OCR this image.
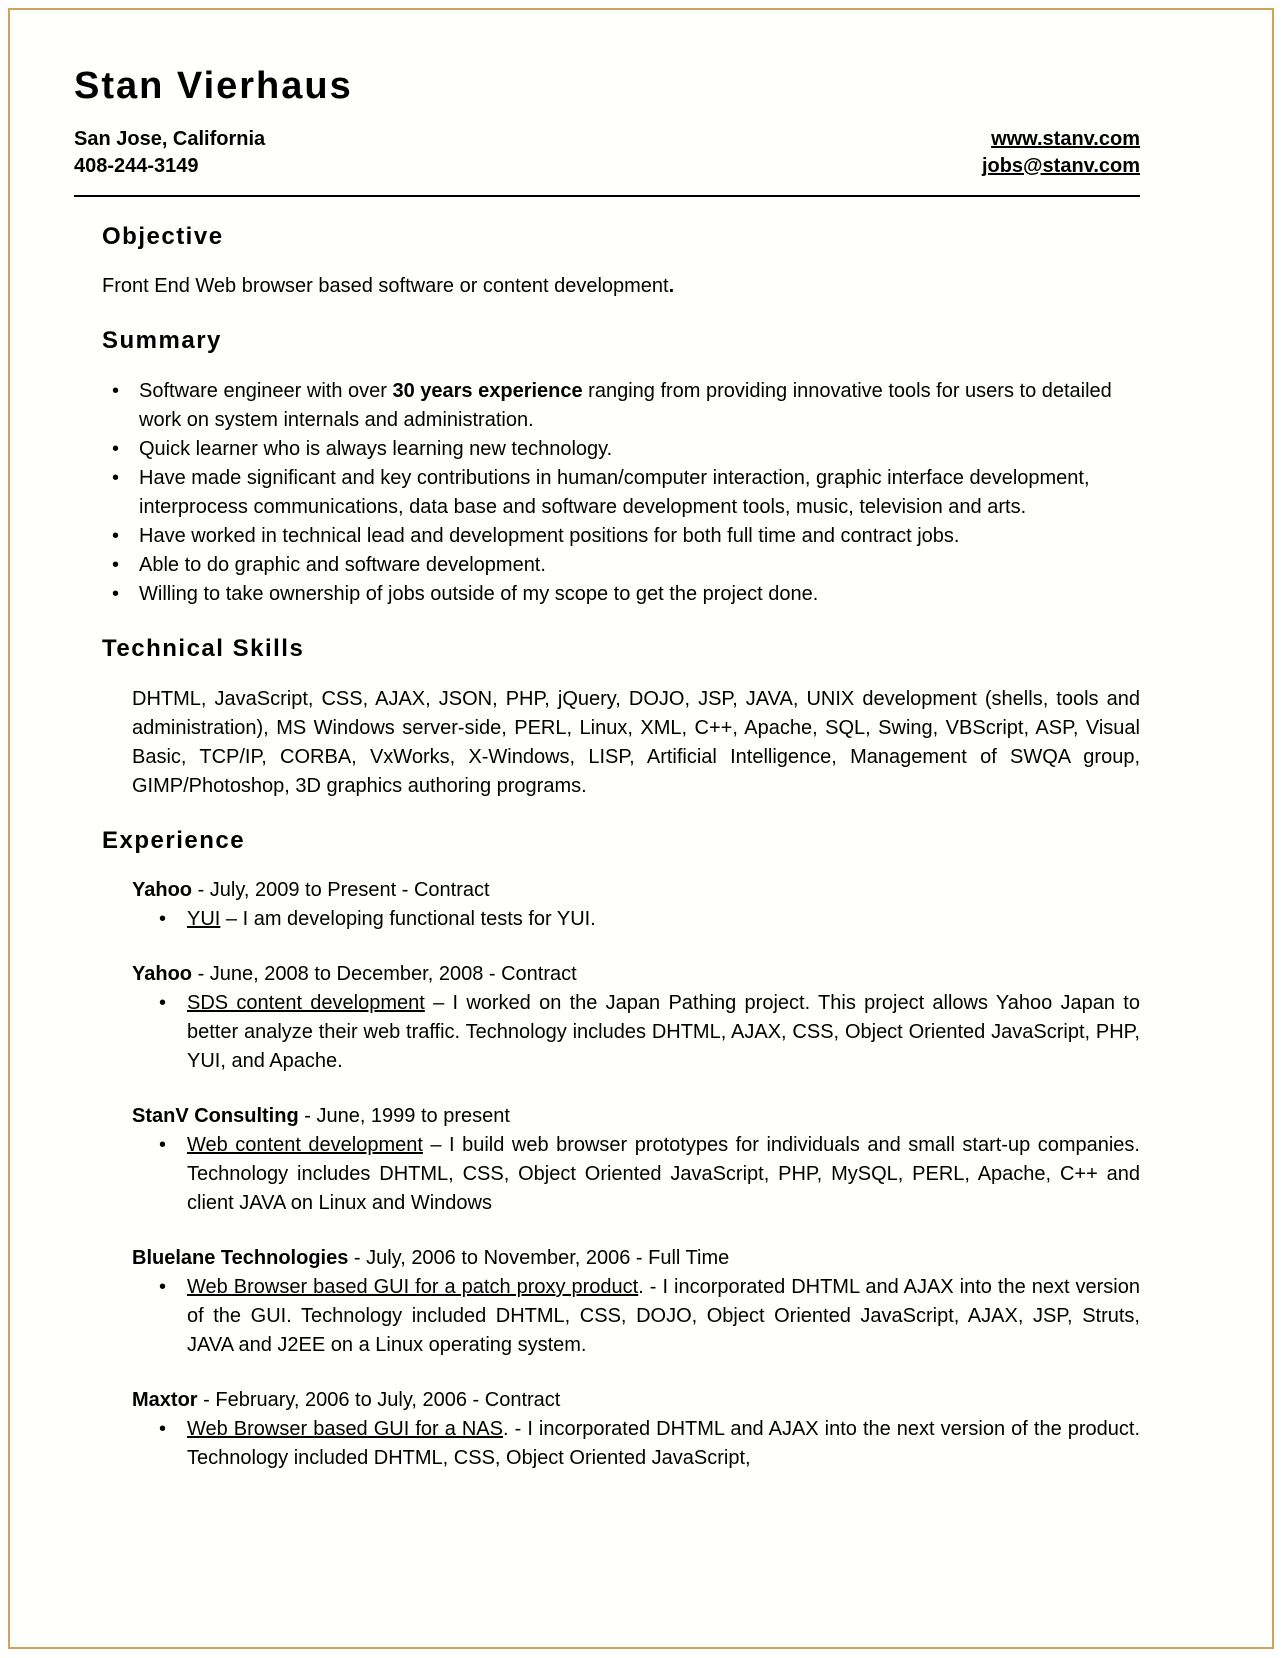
Stan Vierhaus
San Jose, California
408-244-3149
www.stanv.com
jobs@stanv.com
Objective

Front End Web browser based software or content development.

Summary
• Software engineer with over 30 years experience ranging from providing innovative tools for users to detailed work on system internals and administration.
• Quick learner who is always learning new technology.
• Have made significant and key contributions in human/computer interaction, graphic interface development, interprocess communications, data base and software development tools, music, television and arts.
• Have worked in technical lead and development positions for both full time and contract jobs.
• Able to do graphic and software development.
• Willing to take ownership of jobs outside of my scope to get the project done.
Technical Skills

DHTML, JavaScript, CSS, AJAX, JSON, PHP, jQuery, DOJO, JSP, JAVA, UNIX development (shells, tools and administration), MS Windows server-side, PERL, Linux, XML, C++, Apache, SQL, Swing, VBScript, ASP, Visual Basic, TCP/IP, CORBA, VxWorks, X-Windows, LISP, Artificial Intelligence, Management of SWQA group, GIMP/Photoshop, 3D graphics authoring programs.

Experience
Yahoo - July, 2009 to Present - Contract
• YUI – I am developing functional tests for YUI.
Yahoo - June, 2008 to December, 2008 - Contract
• SDS content development – I worked on the Japan Pathing project. This project allows Yahoo Japan to better analyze their web traffic. Technology includes DHTML, AJAX, CSS, Object Oriented JavaScript, PHP, YUI, and Apache.
StanV Consulting - June, 1999 to present
• Web content development – I build web browser prototypes for individuals and small start-up companies. Technology includes DHTML, CSS, Object Oriented JavaScript, PHP, MySQL, PERL, Apache, C++ and client JAVA on Linux and Windows
Bluelane Technologies - July, 2006 to November, 2006 - Full Time
• Web Browser based GUI for a patch proxy product. - I incorporated DHTML and AJAX into the next version of the GUI. Technology included DHTML, CSS, DOJO, Object Oriented JavaScript, AJAX, JSP, Struts, JAVA and J2EE on a Linux operating system.
Maxtor - February, 2006 to July, 2006 - Contract
• Web Browser based GUI for a NAS. - I incorporated DHTML and AJAX into the next version of the product. Technology included DHTML, CSS, Object Oriented JavaScript,
